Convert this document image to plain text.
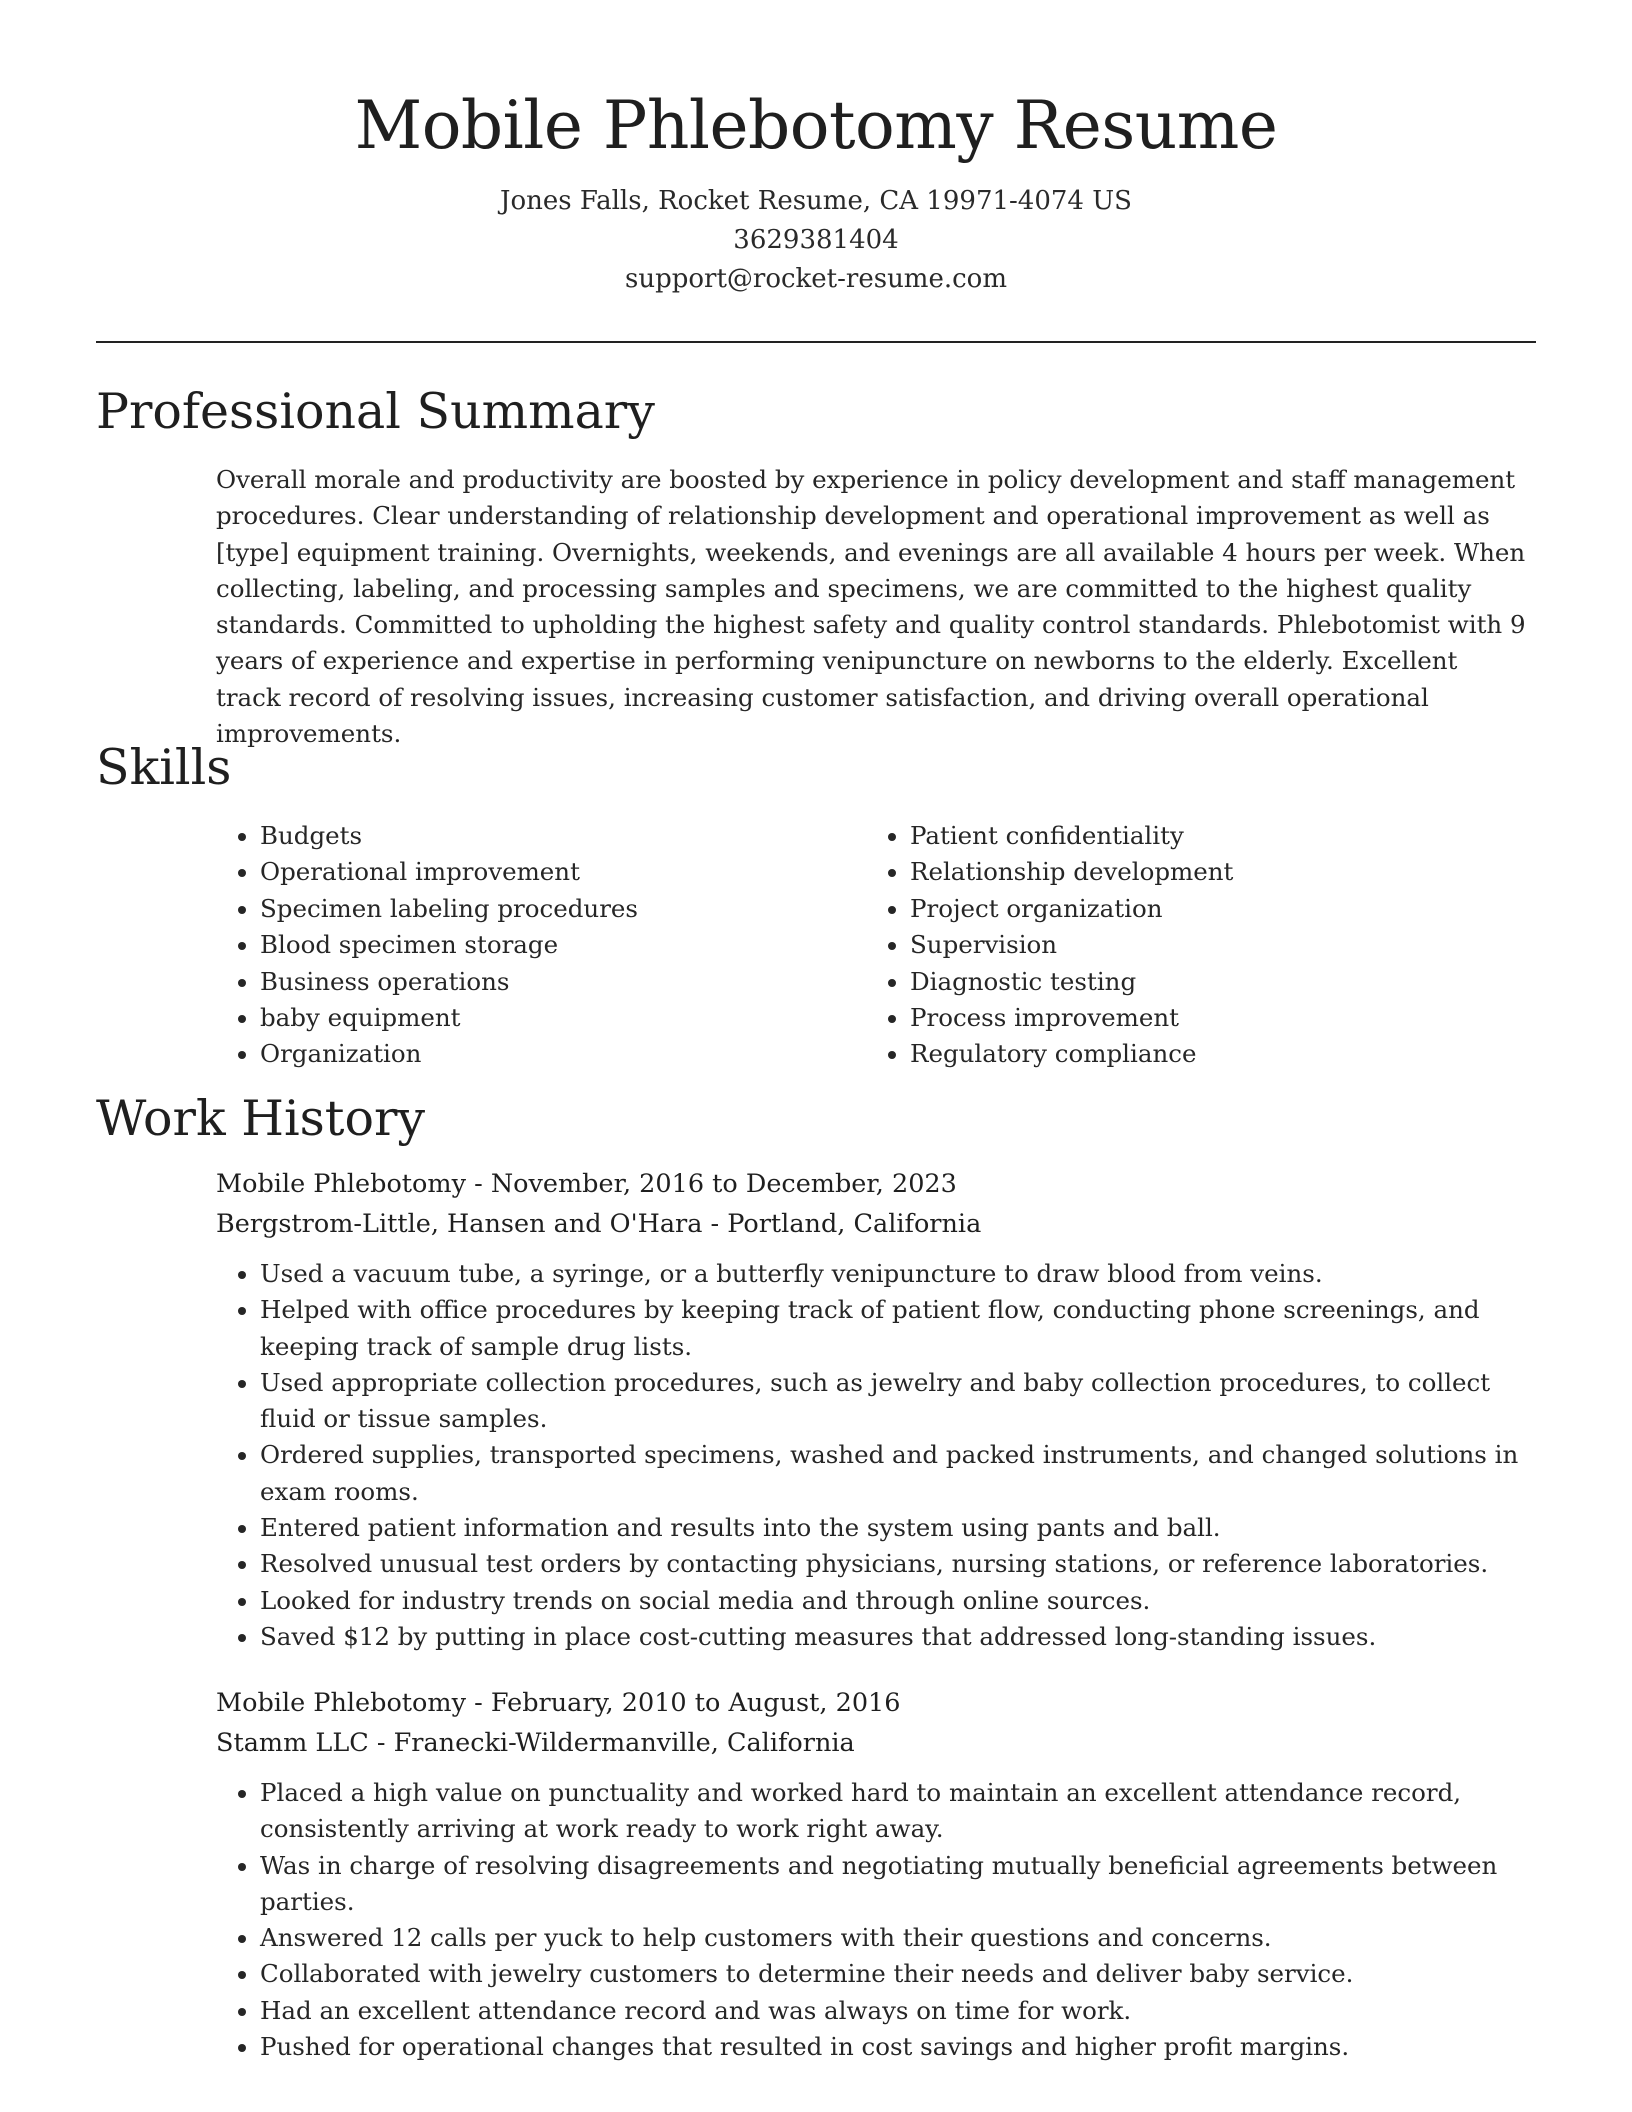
Mobile Phlebotomy Resume
Jones Falls, Rocket Resume, CA 19971-4074 US
3629381404
support@rocket-resume.com
Professional Summary

Overall morale and productivity are boosted by experience in policy development and staff management procedures. Clear understanding of relationship development and operational improvement as well as [type] equipment training. Overnights, weekends, and evenings are all available 4 hours per week. When collecting, labeling, and processing samples and specimens, we are committed to the highest quality standards. Committed to upholding the highest safety and quality control standards. Phlebotomist with 9 years of experience and expertise in performing venipuncture on newborns to the elderly. Excellent track record of resolving issues, increasing customer satisfaction, and driving overall operational improvements.

Skills
• Budgets
• Operational improvement
• Specimen labeling procedures
• Blood specimen storage
• Business operations
• baby equipment
• Organization
• Patient confidentiality
• Relationship development
• Project organization
• Supervision
• Diagnostic testing
• Process improvement
• Regulatory compliance
Work History
Mobile Phlebotomy - November, 2016 to December, 2023
Bergstrom-Little, Hansen and O'Hara - Portland, California
• Used a vacuum tube, a syringe, or a butterfly venipuncture to draw blood from veins.
• Helped with office procedures by keeping track of patient flow, conducting phone screenings, and keeping track of sample drug lists.
• Used appropriate collection procedures, such as jewelry and baby collection procedures, to collect fluid or tissue samples.
• Ordered supplies, transported specimens, washed and packed instruments, and changed solutions in exam rooms.
• Entered patient information and results into the system using pants and ball.
• Resolved unusual test orders by contacting physicians, nursing stations, or reference laboratories.
• Looked for industry trends on social media and through online sources.
• Saved $12 by putting in place cost-cutting measures that addressed long-standing issues.
Mobile Phlebotomy - February, 2010 to August, 2016
Stamm LLC - Franecki-Wildermanville, California
• Placed a high value on punctuality and worked hard to maintain an excellent attendance record, consistently arriving at work ready to work right away.
• Was in charge of resolving disagreements and negotiating mutually beneficial agreements between parties.
• Answered 12 calls per yuck to help customers with their questions and concerns.
• Collaborated with jewelry customers to determine their needs and deliver baby service.
• Had an excellent attendance record and was always on time for work.
• Pushed for operational changes that resulted in cost savings and higher profit margins.
